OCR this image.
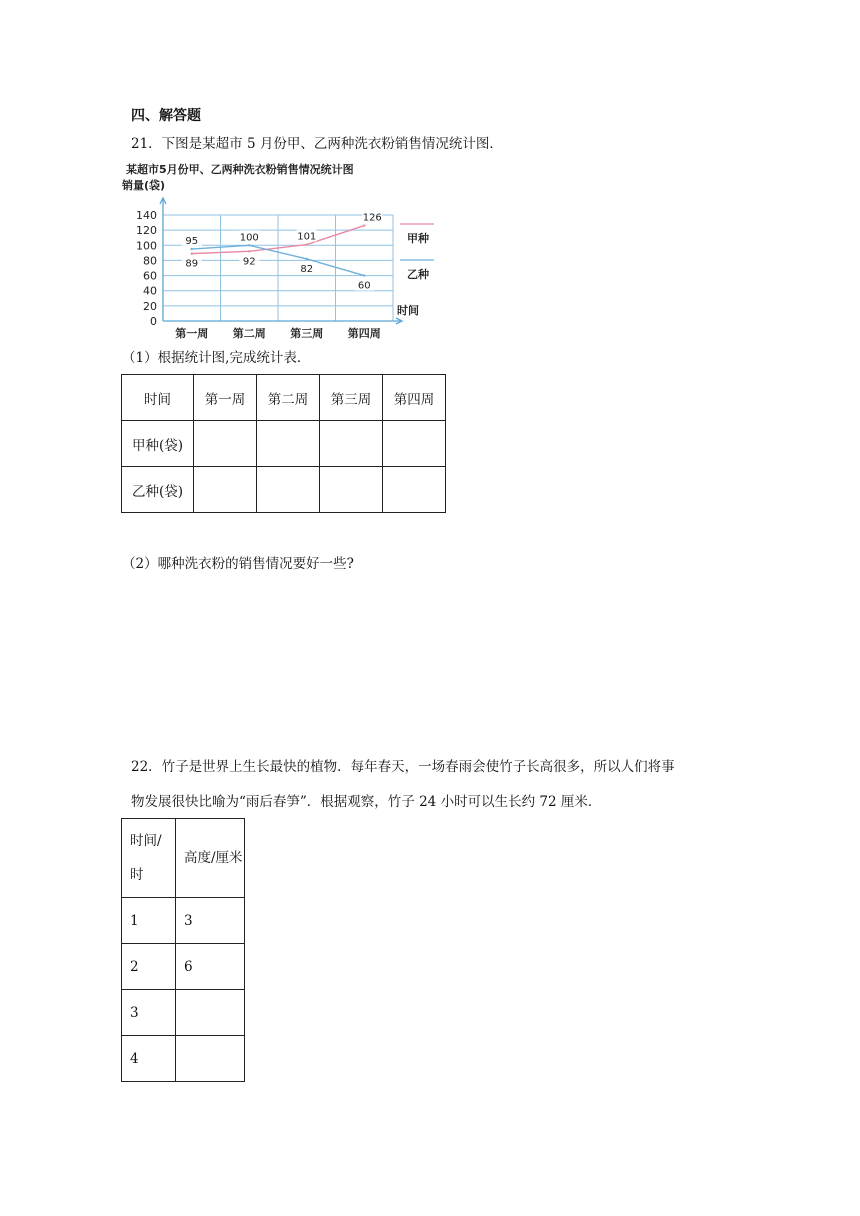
四、解答题
21．下图是某超市 5 月份甲、乙两种洗衣粉销售情况统计图．
某超市5月份甲、乙两种洗衣粉销售情况统计图
销量(袋)
0
20
40
60
80
100
120
140
第一周 第二周 第三周 第四周
89	92
101
126
95	100
82
60
甲种
乙种
时间
（1）根据统计图,完成统计表．
时间	第一周	第二周	第三周	第四周
甲种(袋)				
乙种(袋)				
（2）哪种洗衣粉的销售情况要好一些?
22．竹子是世界上生长最快的植物．每年春天，一场春雨会使竹子长高很多，所以人们将事
物发展很快比喻为“雨后春笋”．根据观察，竹子 24 小时可以生长约 72 厘米．
时间/时	高度/厘米
1	3
2	6
3	
4	
